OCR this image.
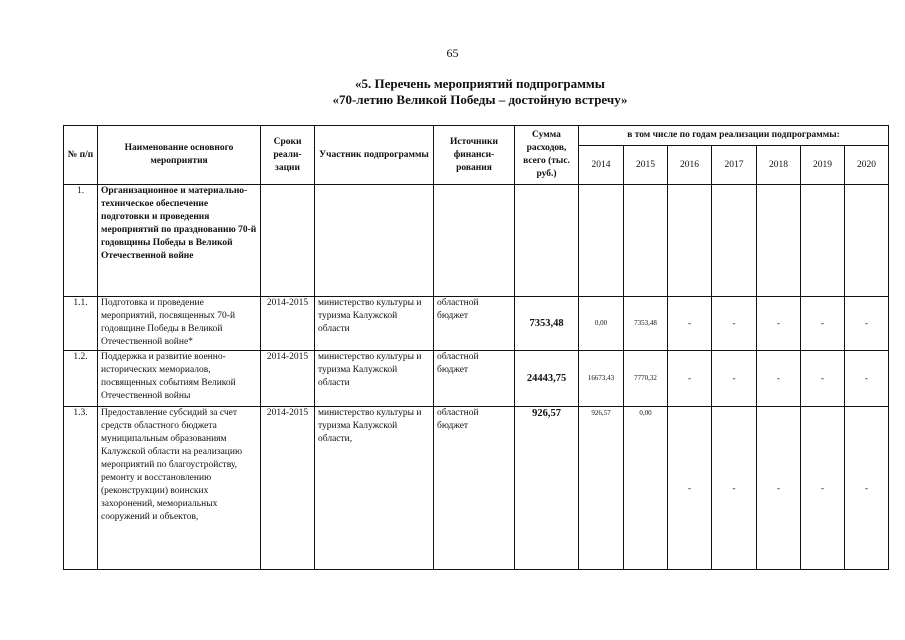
65
«5. Перечень мероприятий подпрограммы
«70-летию Великой Победы – достойную встречу»
№ п/п	Наименование основного мероприятия	Сроки реали-зации	Участник подпрограммы	Источники финанси-рования	Сумма расходов, всего (тыс. руб.)	в том числе по годам реализации подпрограммы:						
						2014	2015	2016	2017	2018	2019	2020
1.	Организационное и материально-техническое обеспечение подготовки и проведения мероприятий по празднованию 70-й годовщины Победы в Великой Отечественной войне											
1.1.	Подготовка и проведение мероприятий, посвященных 70-й годовщине Победы в Великой Отечественной войне*	2014-2015	министерство культуры и туризма Калужской области	областной бюджет	7353,48	0,00	7353,48	-	-	-	-	-
1.2.	Поддержка и развитие военно-исторических мемориалов, посвященных событиям Великой Отечественной войны	2014-2015	министерство культуры и туризма Калужской области	областной бюджет	24443,75	16673,43	7770,32	-	-	-	-	-
1.3.	Предоставление субсидий за счет средств областного бюджета муниципальным образованиям Калужской области на реализацию мероприятий по благоустройству, ремонту и восстановлению (реконструкции) воинских захоронений, мемориальных сооружений и объектов,	2014-2015	министерство культуры и туризма Калужской области,	областной бюджет	926,57	926,57	0,00	-	-	-	-	-
